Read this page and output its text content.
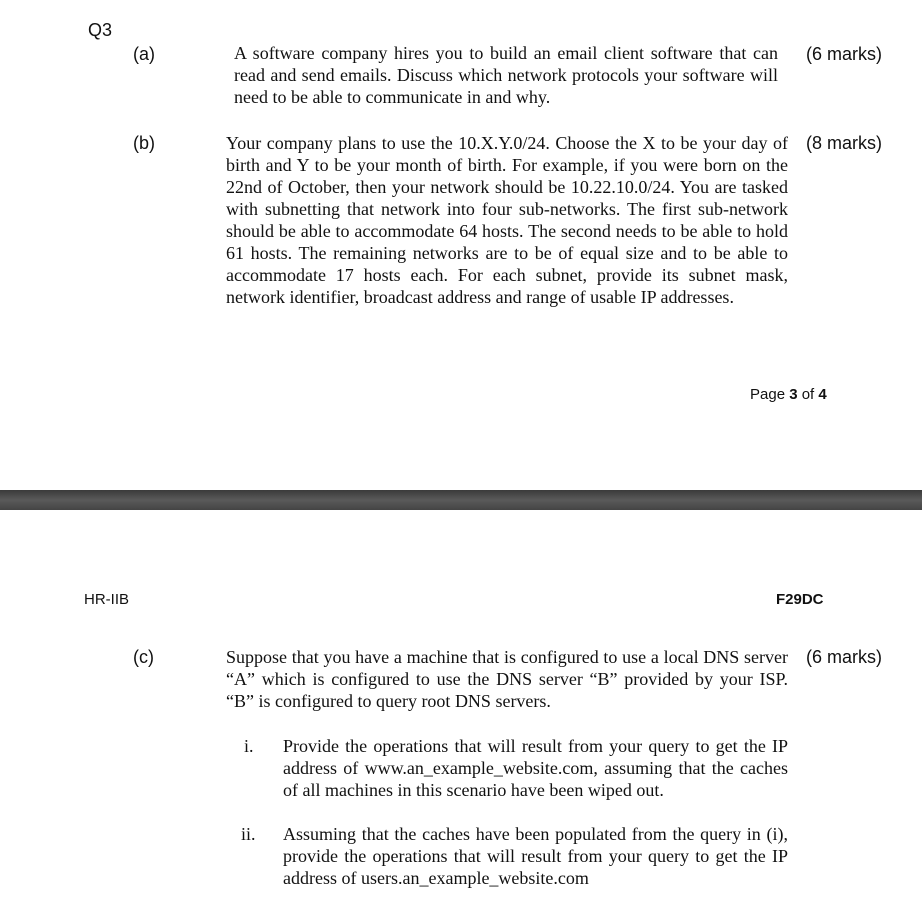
Q3
(a)	A software company hires you to build an email client software that can read and send emails. Discuss which network protocols your software will need to be able to communicate in and why.
(6 marks)
(b)	Your company plans to use the 10.X.Y.0/24. Choose the X to be your day of birth and Y to be your month of birth. For example, if you were born on the 22nd of October, then your network should be 10.22.10.0/24. You are tasked with subnetting that network into four sub-networks. The first sub-network should be able to accommodate 64 hosts. The second needs to be able to hold 61 hosts. The remaining networks are to be of equal size and to be able to accommodate 17 hosts each. For each subnet, provide its subnet mask, network identifier, broadcast address and range of usable IP addresses.
(8 marks)
Page 3 of 4
HR-IIB	F29DC
(c)	Suppose that you have a machine that is configured to use a local DNS server “A” which is configured to use the DNS server “B” provided by your ISP. “B” is configured to query root DNS servers.
(6 marks)
i. Provide the operations that will result from your query to get the IP address of www.an_example_website.com, assuming that the caches of all machines in this scenario have been wiped out.
ii. Assuming that the caches have been populated from the query in (i), provide the operations that will result from your query to get the IP address of users.an_example_website.com
